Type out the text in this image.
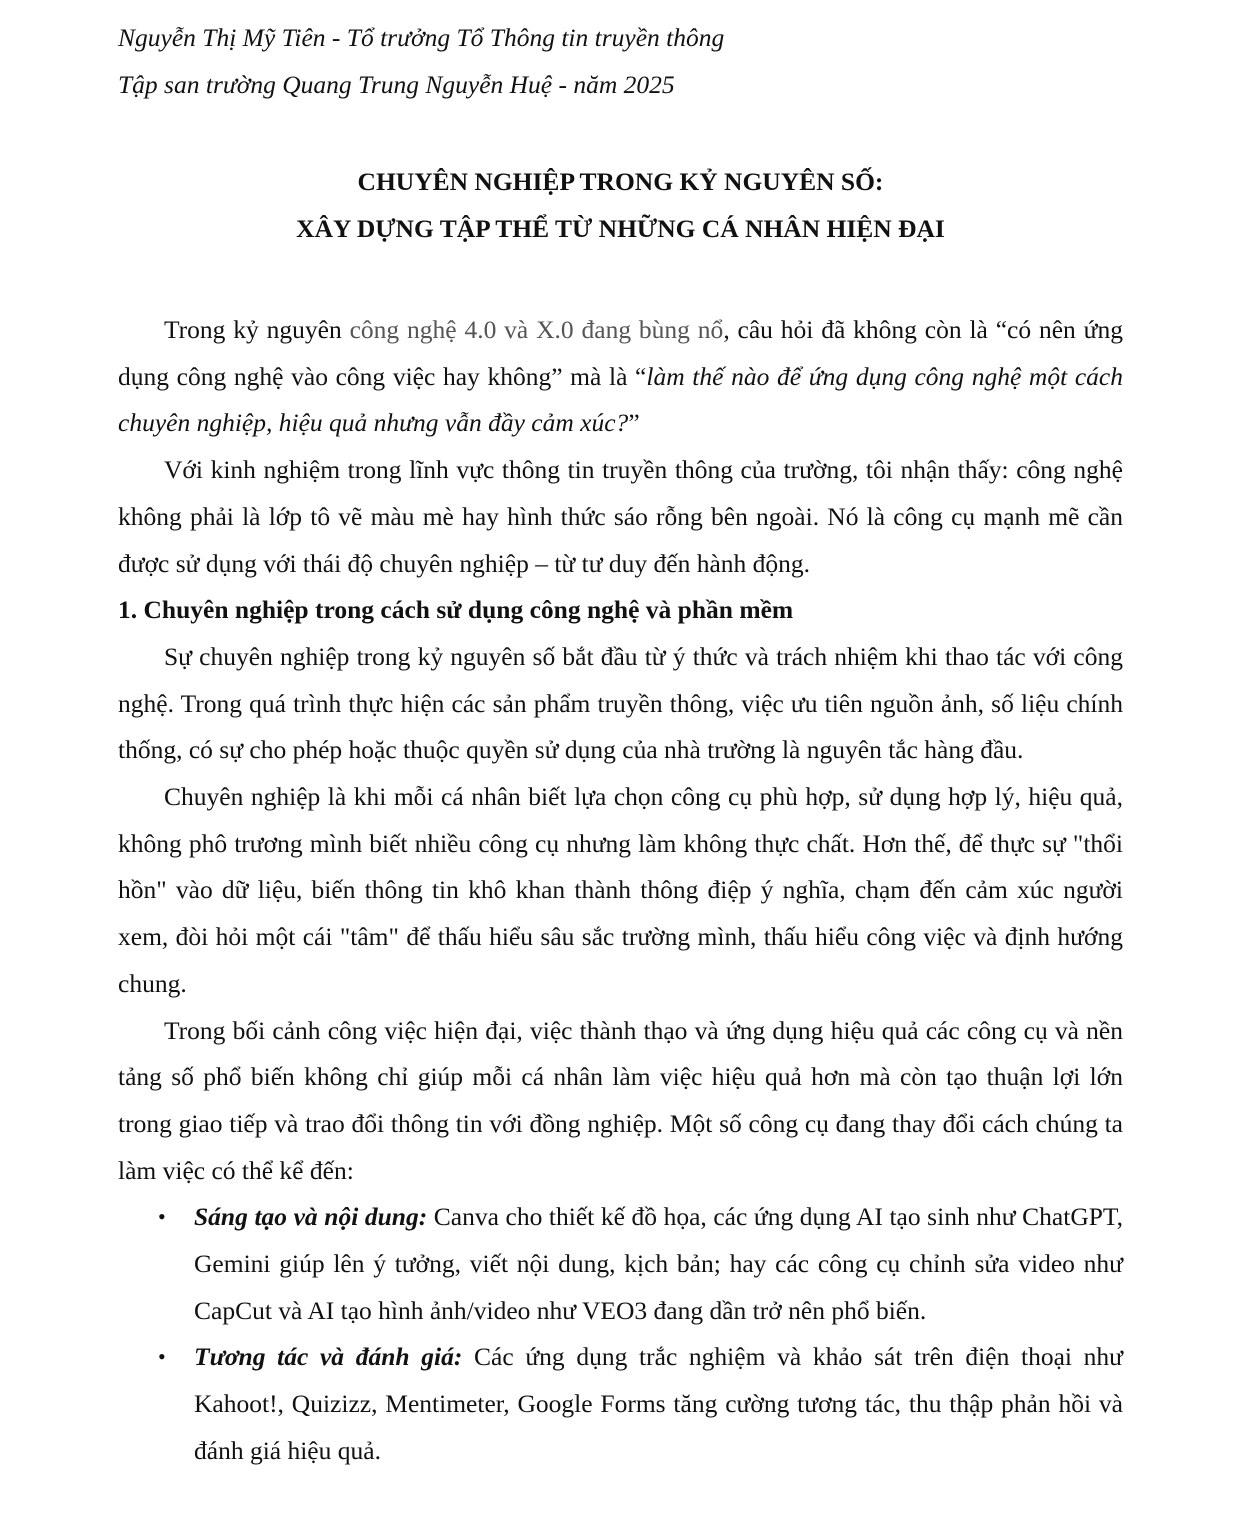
Nguyễn Thị Mỹ Tiên - Tổ trưởng Tổ Thông tin truyền thông
Tập san trường Quang Trung Nguyễn Huệ - năm 2025
CHUYÊN NGHIỆP TRONG KỶ NGUYÊN SỐ:
XÂY DỰNG TẬP THỂ TỪ NHỮNG CÁ NHÂN HIỆN ĐẠI

Trong kỷ nguyên công nghệ 4.0 và X.0 đang bùng nổ, câu hỏi đã không còn là “có nên ứng dụng công nghệ vào công việc hay không” mà là “làm thế nào để ứng dụng công nghệ một cách chuyên nghiệp, hiệu quả nhưng vẫn đầy cảm xúc?”

Với kinh nghiệm trong lĩnh vực thông tin truyền thông của trường, tôi nhận thấy: công nghệ không phải là lớp tô vẽ màu mè hay hình thức sáo rỗng bên ngoài. Nó là công cụ mạnh mẽ cần được sử dụng với thái độ chuyên nghiệp – từ tư duy đến hành động.

1. Chuyên nghiệp trong cách sử dụng công nghệ và phần mềm

Sự chuyên nghiệp trong kỷ nguyên số bắt đầu từ ý thức và trách nhiệm khi thao tác với công nghệ. Trong quá trình thực hiện các sản phẩm truyền thông, việc ưu tiên nguồn ảnh, số liệu chính thống, có sự cho phép hoặc thuộc quyền sử dụng của nhà trường là nguyên tắc hàng đầu.

Chuyên nghiệp là khi mỗi cá nhân biết lựa chọn công cụ phù hợp, sử dụng hợp lý, hiệu quả, không phô trương mình biết nhiều công cụ nhưng làm không thực chất. Hơn thế, để thực sự "thổi hồn" vào dữ liệu, biến thông tin khô khan thành thông điệp ý nghĩa, chạm đến cảm xúc người xem, đòi hỏi một cái "tâm" để thấu hiểu sâu sắc trường mình, thấu hiểu công việc và định hướng chung.

Trong bối cảnh công việc hiện đại, việc thành thạo và ứng dụng hiệu quả các công cụ và nền tảng số phổ biến không chỉ giúp mỗi cá nhân làm việc hiệu quả hơn mà còn tạo thuận lợi lớn trong giao tiếp và trao đổi thông tin với đồng nghiệp. Một số công cụ đang thay đổi cách chúng ta làm việc có thể kể đến:

• Sáng tạo và nội dung: Canva cho thiết kế đồ họa, các ứng dụng AI tạo sinh như ChatGPT, Gemini giúp lên ý tưởng, viết nội dung, kịch bản; hay các công cụ chỉnh sửa video như CapCut và AI tạo hình ảnh/video như VEO3 đang dần trở nên phổ biến.
• Tương tác và đánh giá: Các ứng dụng trắc nghiệm và khảo sát trên điện thoại như Kahoot!, Quizizz, Mentimeter, Google Forms tăng cường tương tác, thu thập phản hồi và đánh giá hiệu quả.
